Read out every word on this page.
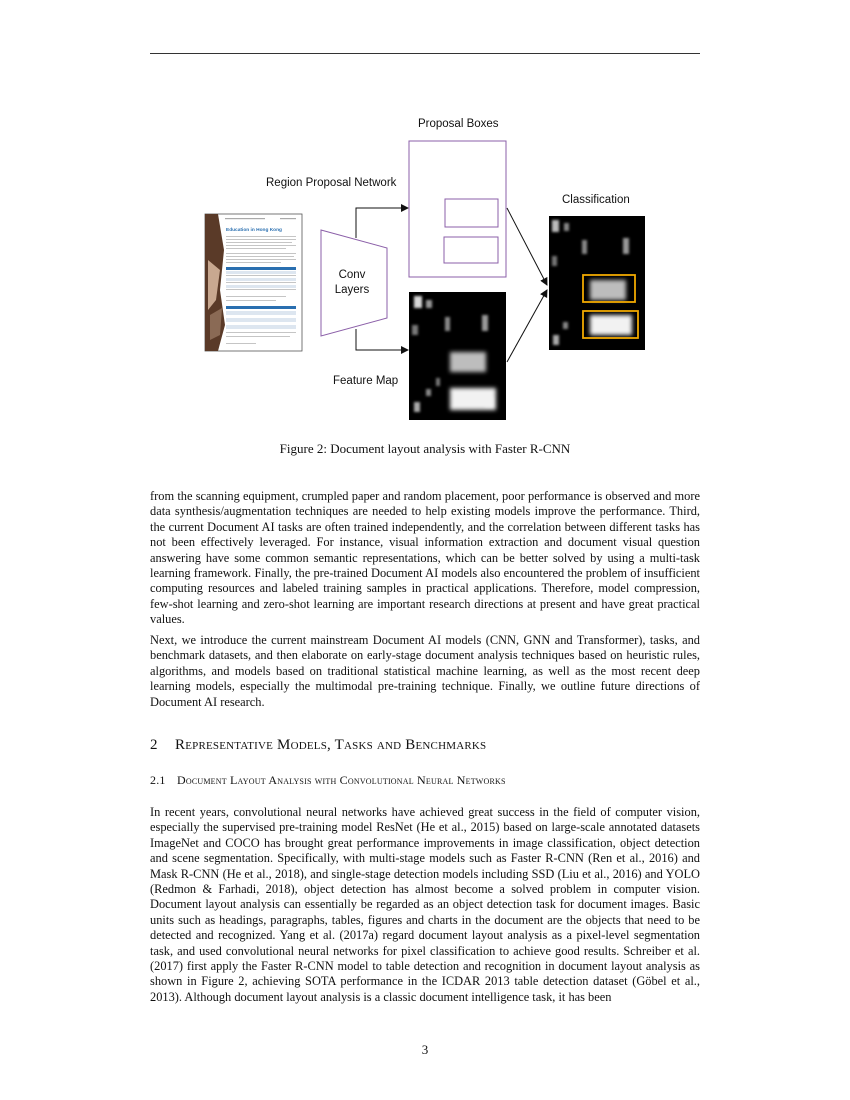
Education in Hong Kong
Proposal Boxes
Region Proposal Network
Classification
Conv
Layers
Feature Map
Figure 2: Document layout analysis with Faster R-CNN

from the scanning equipment, crumpled paper and random placement, poor performance is observed and more data synthesis/augmentation techniques are needed to help existing models improve the performance. Third, the current Document AI tasks are often trained independently, and the correlation between different tasks has not been effectively leveraged. For instance, visual information extraction and document visual question answering have some common semantic representations, which can be better solved by using a multi-task learning framework. Finally, the pre-trained Document AI models also encountered the problem of insufficient computing resources and labeled training samples in practical applications. Therefore, model compression, few-shot learning and zero-shot learning are important research directions at present and have great practical values.

Next, we introduce the current mainstream Document AI models (CNN, GNN and Transformer), tasks, and benchmark datasets, and then elaborate on early-stage document analysis techniques based on heuristic rules, algorithms, and models based on traditional statistical machine learning, as well as the most recent deep learning models, especially the multimodal pre-training technique. Finally, we outline future directions of Document AI research.

2 Representative Models, Tasks and Benchmarks
2.1 Document Layout Analysis with Convolutional Neural Networks

In recent years, convolutional neural networks have achieved great success in the field of computer vision, especially the supervised pre-training model ResNet (He et al., 2015) based on large-scale annotated datasets ImageNet and COCO has brought great performance improvements in image classification, object detection and scene segmentation. Specifically, with multi-stage models such as Faster R-CNN (Ren et al., 2016) and Mask R-CNN (He et al., 2018), and single-stage detection models including SSD (Liu et al., 2016) and YOLO (Redmon & Farhadi, 2018), object detection has almost become a solved problem in computer vision. Document layout analysis can essentially be regarded as an object detection task for document images. Basic units such as headings, paragraphs, tables, figures and charts in the document are the objects that need to be detected and recognized. Yang et al. (2017a) regard document layout analysis as a pixel-level segmentation task, and used convolutional neural networks for pixel classification to achieve good results. Schreiber et al. (2017) first apply the Faster R-CNN model to table detection and recognition in document layout analysis as shown in Figure 2, achieving SOTA performance in the ICDAR 2013 table detection dataset (Göbel et al., 2013). Although document layout analysis is a classic document intelligence task, it has been

3
